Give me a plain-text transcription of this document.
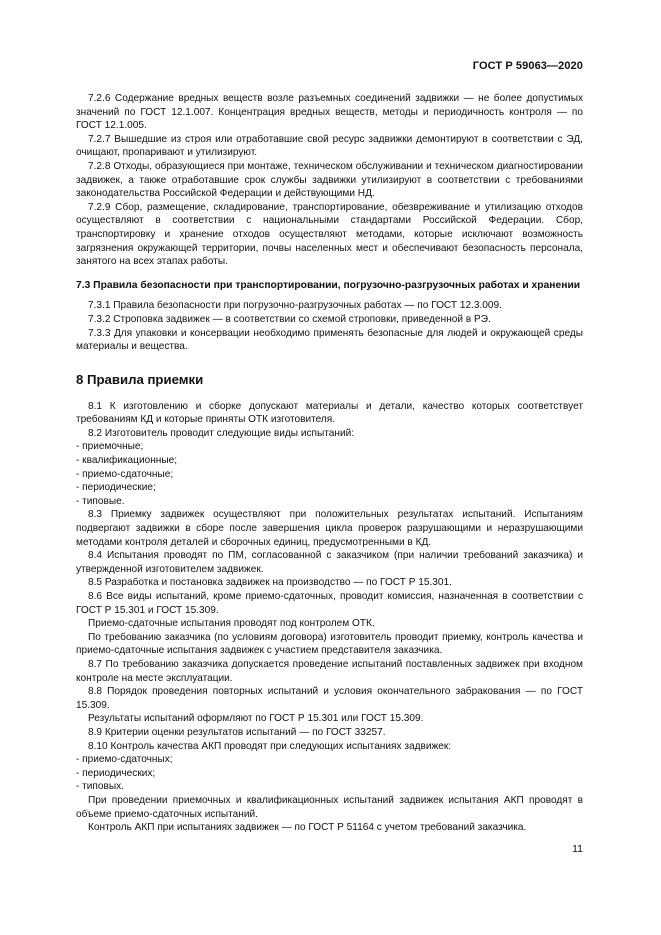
ГОСТ Р 59063—2020

7.2.6 Содержание вредных веществ возле разъемных соединений задвижки — не более допустимых значений по ГОСТ 12.1.007. Концентрация вредных веществ, методы и периодичность контроля — по ГОСТ 12.1.005.

7.2.7 Вышедшие из строя или отработавшие свой ресурс задвижки демонтируют в соответствии с ЭД, очищают, пропаривают и утилизируют.

7.2.8 Отходы, образующиеся при монтаже, техническом обслуживании и техническом диагностировании задвижек, а также отработавшие срок службы задвижки утилизируют в соответствии с требованиями законодательства Российской Федерации и действующими НД.

7.2.9 Сбор, размещение, складирование, транспортирование, обезвреживание и утилизацию отходов осуществляют в соответствии с национальными стандартами Российской Федерации. Сбор, транспортировку и хранение отходов осуществляют методами, которые исключают возможность загрязнения окружающей территории, почвы населенных мест и обеспечивают безопасность персонала, занятого на всех этапах работы.

7.3 Правила безопасности при транспортировании, погрузочно-разгрузочных работах и хранении

7.3.1 Правила безопасности при погрузочно-разгрузочных работах — по ГОСТ 12.3.009.

7.3.2 Строповка задвижек — в соответствии со схемой строповки, приведенной в РЭ.

7.3.3 Для упаковки и консервации необходимо применять безопасные для людей и окружающей среды материалы и вещества.

8 Правила приемки

8.1 К изготовлению и сборке допускают материалы и детали, качество которых соответствует требованиям КД и которые приняты ОТК изготовителя.

8.2 Изготовитель проводит следующие виды испытаний:

- приемочные;

- квалификационные;

- приемо-сдаточные;

- периодические;

- типовые.

8.3 Приемку задвижек осуществляют при положительных результатах испытаний. Испытаниям подвергают задвижки в сборе после завершения цикла проверок разрушающими и неразрушающими методами контроля деталей и сборочных единиц, предусмотренными в КД.

8.4 Испытания проводят по ПМ, согласованной с заказчиком (при наличии требований заказчика) и утвержденной изготовителем задвижек.

8.5 Разработка и постановка задвижек на производство — по ГОСТ Р 15.301.

8.6 Все виды испытаний, кроме приемо-сдаточных, проводит комиссия, назначенная в соответствии с ГОСТ Р 15.301 и ГОСТ 15.309.

Приемо-сдаточные испытания проводят под контролем ОТК.

По требованию заказчика (по условиям договора) изготовитель проводит приемку, контроль качества и приемо-сдаточные испытания задвижек с участием представителя заказчика.

8.7 По требованию заказчика допускается проведение испытаний поставленных задвижек при входном контроле на месте эксплуатации.

8.8 Порядок проведения повторных испытаний и условия окончательного забракования — по ГОСТ 15.309.

Результаты испытаний оформляют по ГОСТ Р 15.301 или ГОСТ 15.309.

8.9 Критерии оценки результатов испытаний — по ГОСТ 33257.

8.10 Контроль качества АКП проводят при следующих испытаниях задвижек:

- приемо-сдаточных;

- периодических;

- типовых.

При проведении приемочных и квалификационных испытаний задвижек испытания АКП проводят в объеме приемо-сдаточных испытаний.

Контроль АКП при испытаниях задвижек — по ГОСТ Р 51164 с учетом требований заказчика.

11
